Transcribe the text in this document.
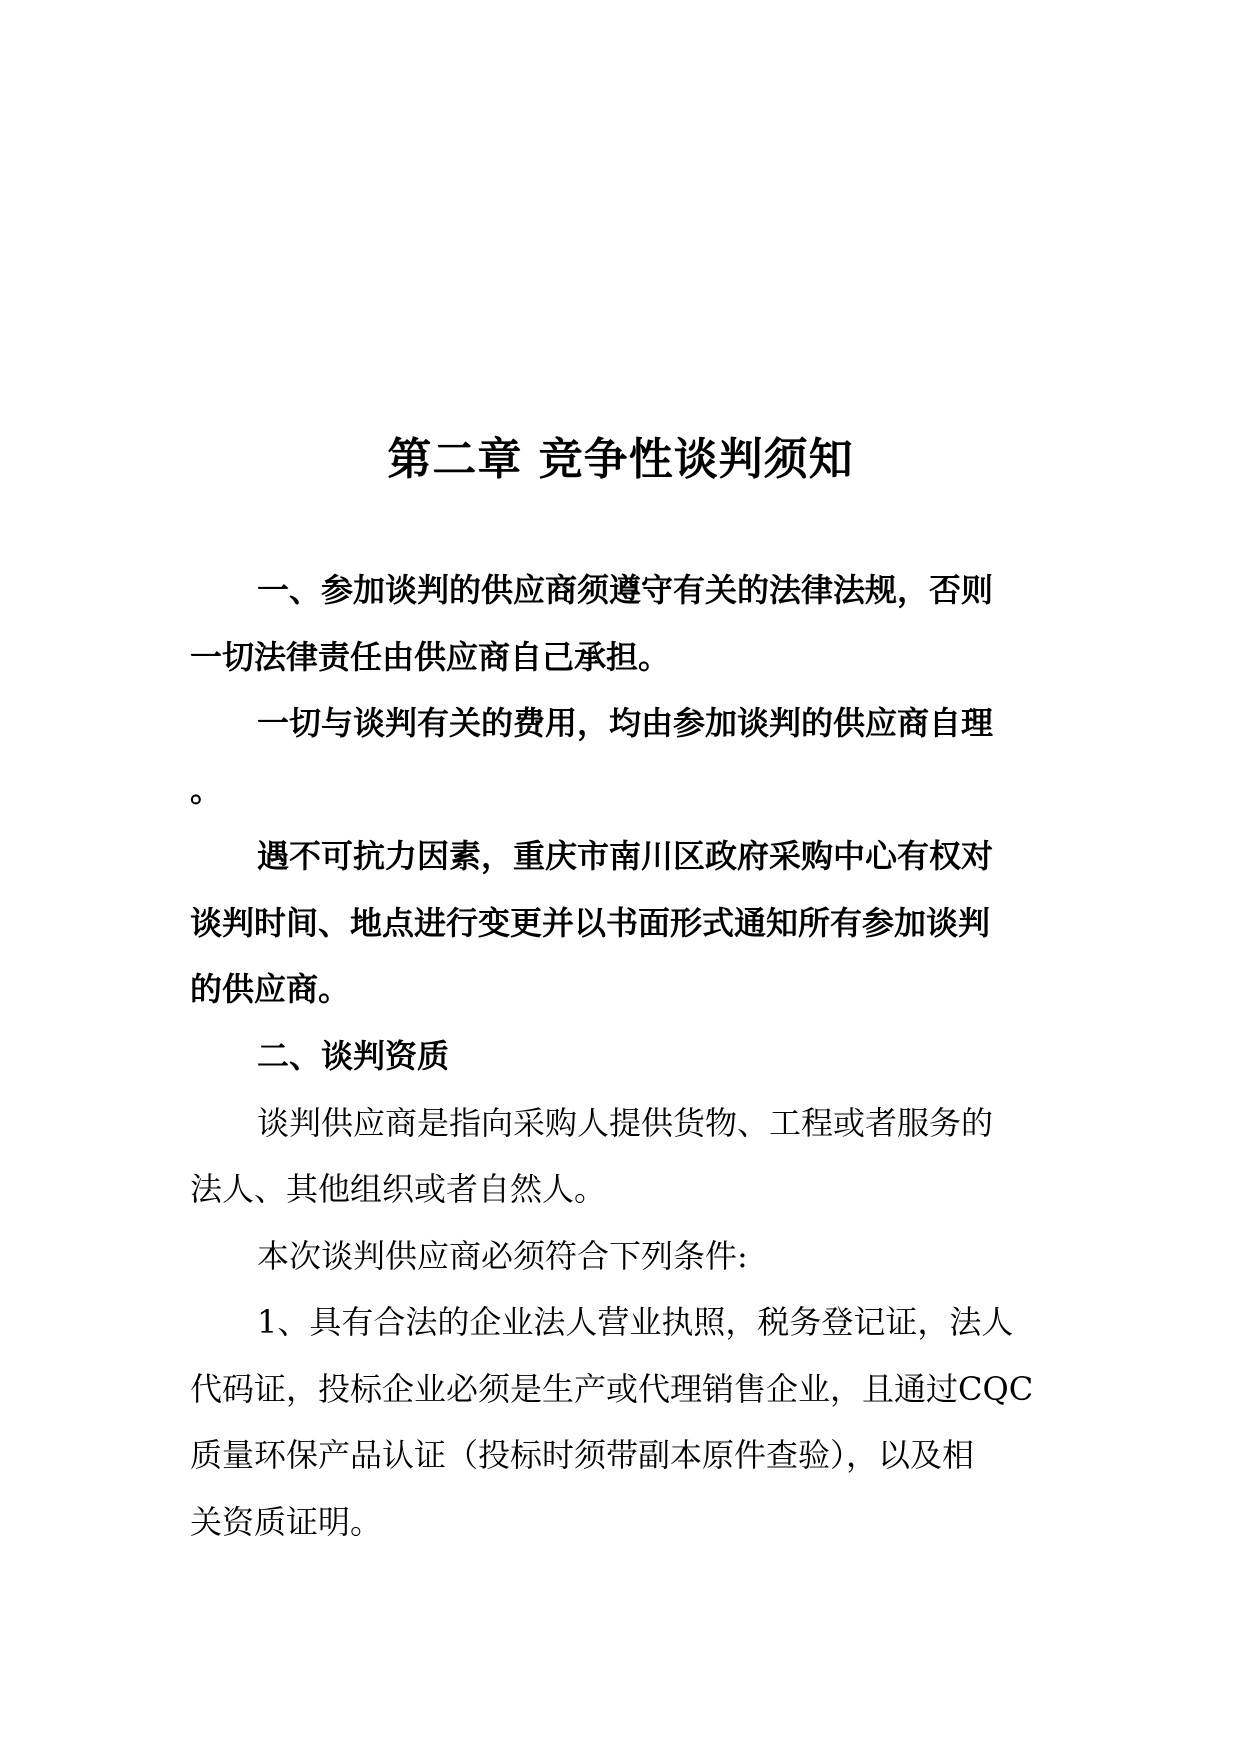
第二章 竞争性谈判须知

一、参加谈判的供应商须遵守有关的法律法规，否则

一切法律责任由供应商自己承担。

一切与谈判有关的费用，均由参加谈判的供应商自理

。

遇不可抗力因素，重庆市南川区政府采购中心有权对

谈判时间、地点进行变更并以书面形式通知所有参加谈判

的供应商。

二、谈判资质

谈判供应商是指向采购人提供货物、工程或者服务的

法人、其他组织或者自然人。

本次谈判供应商必须符合下列条件:

1、具有合法的企业法人营业执照，税务登记证，法人

代码证，投标企业必须是生产或代理销售企业，且通过CQC

质量环保产品认证（投标时须带副本原件查验），以及相

关资质证明。
